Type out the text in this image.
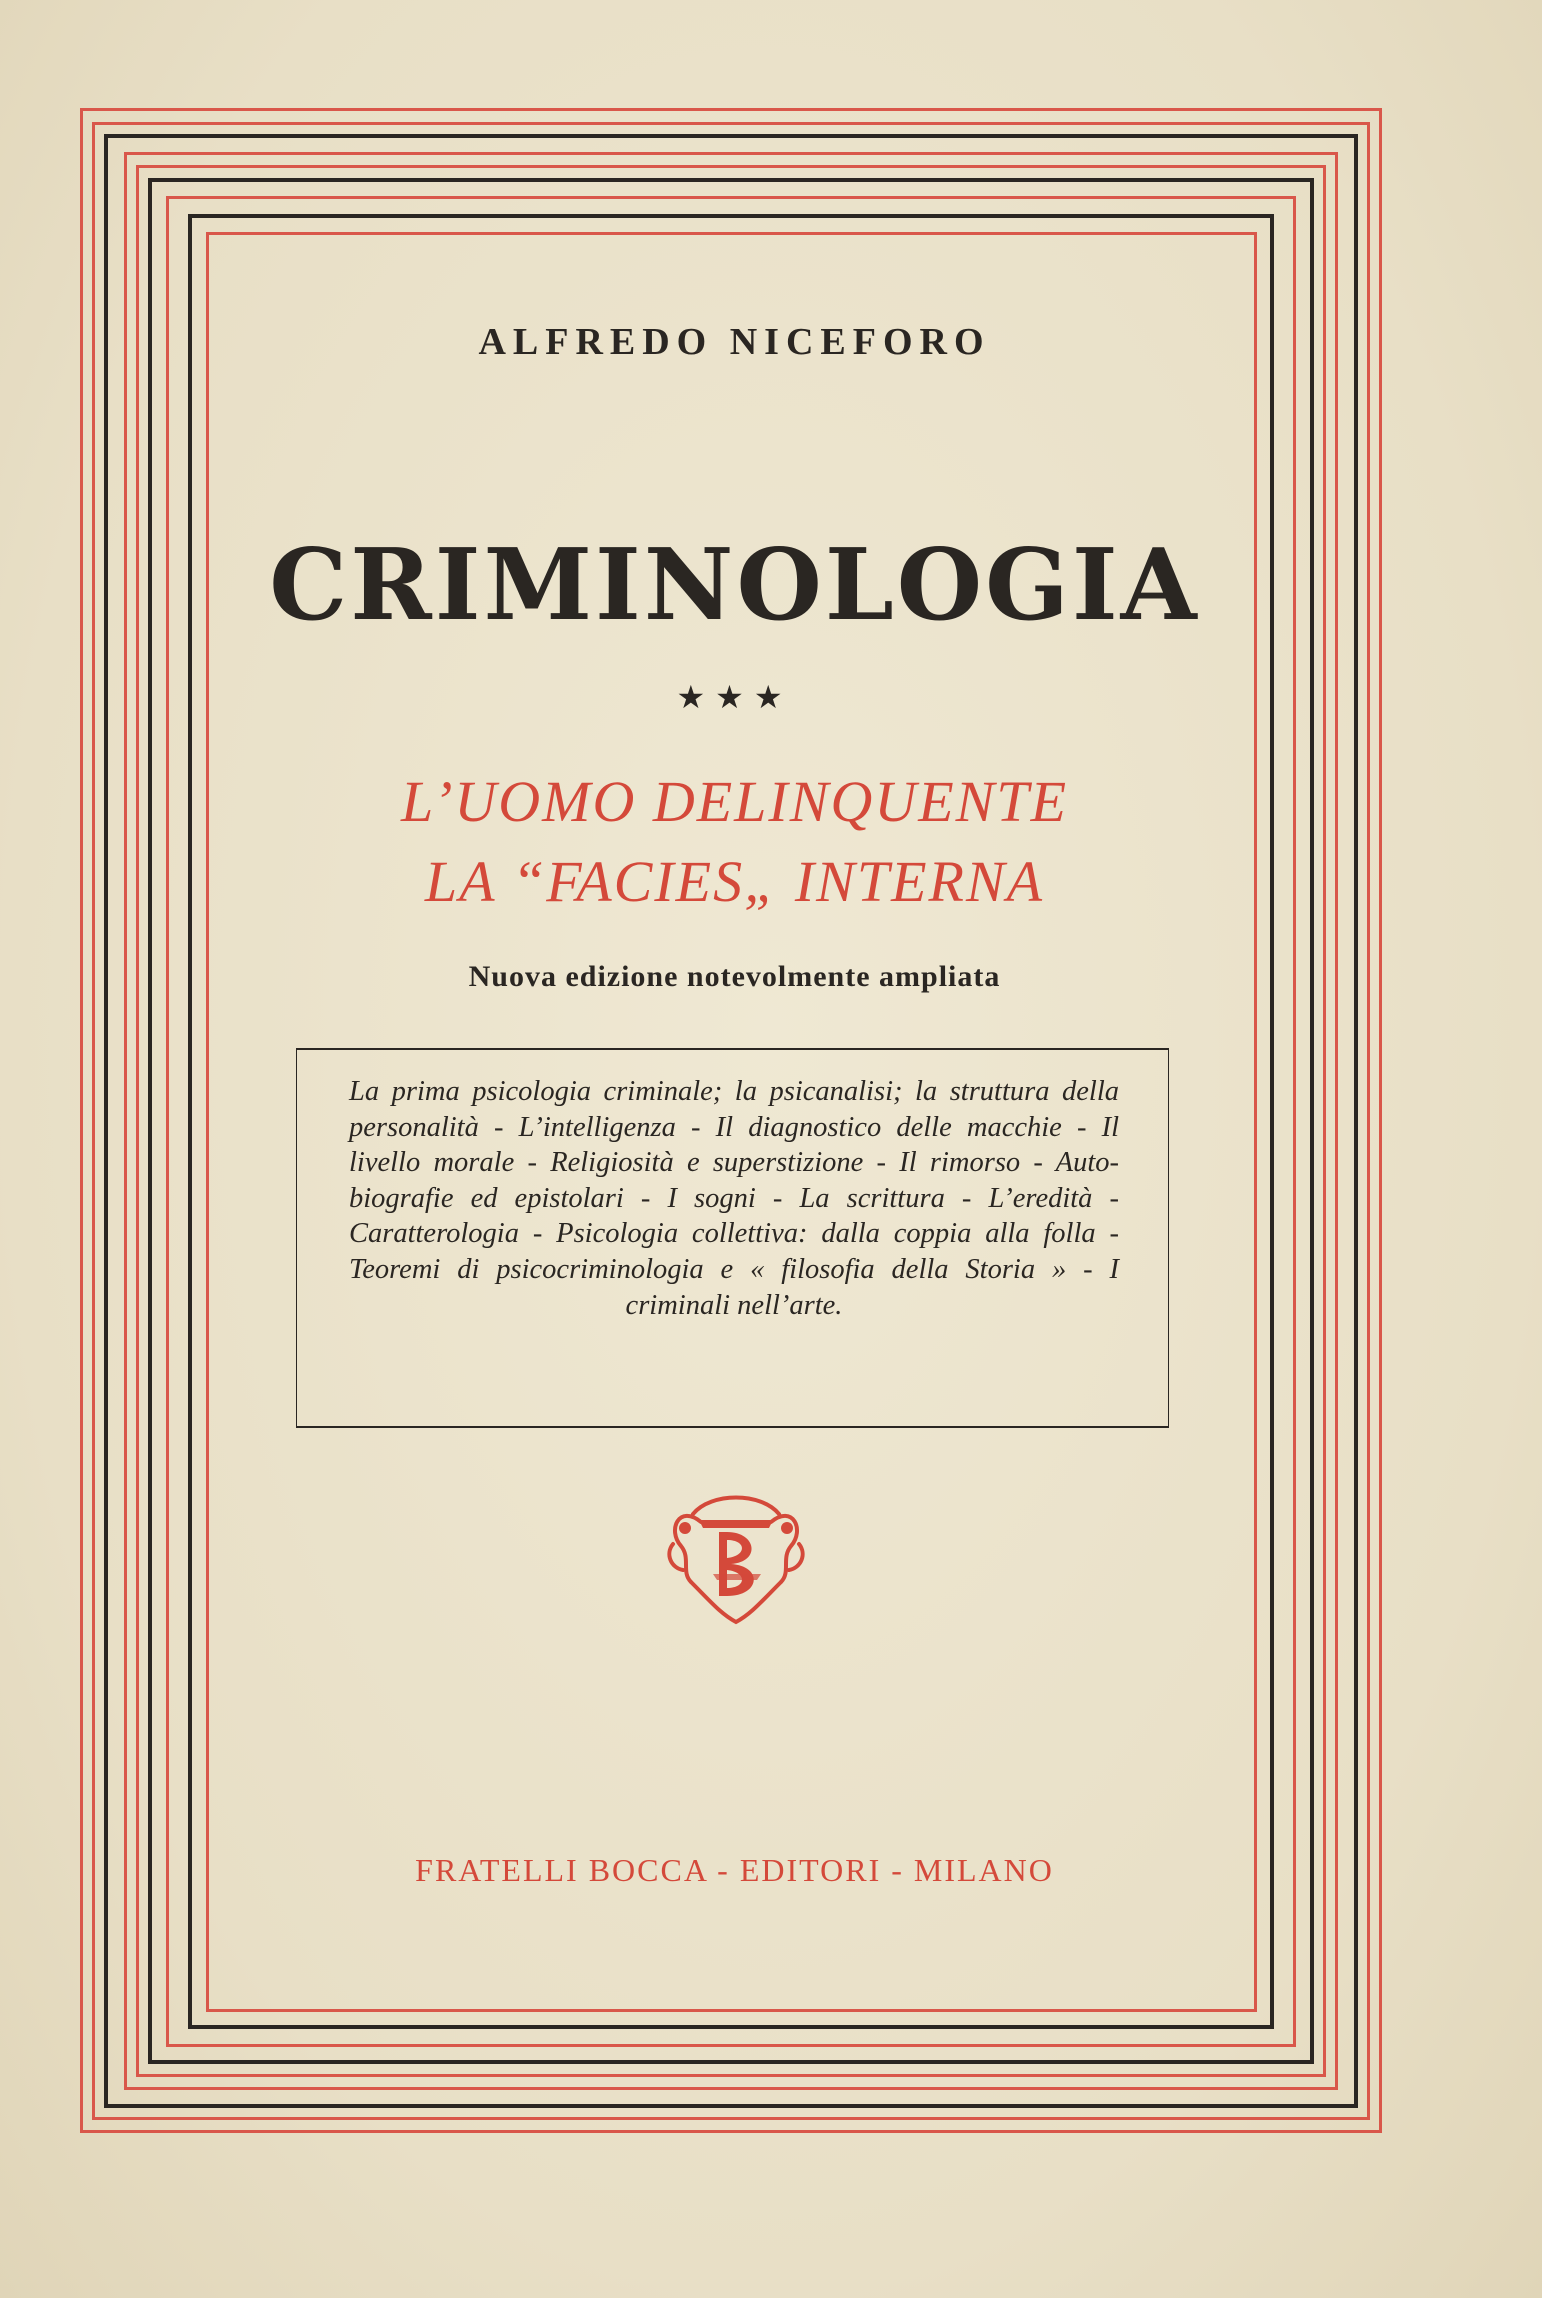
ALFREDO NICEFORO
CRIMINOLOGIA
★★★
L’UOMO DELINQUENTE
LA “FACIES„ INTERNA
Nuova edizione notevolmente ampliata
La prima psicologia criminale; la psicanalisi; la struttura della personalità - L’intelligenza - Il diagnostico delle macchie - Il livello morale - Religiosità e superstizione - Il rimorso - Autobiografie ed epistolari - I sogni - La scrittura - L’eredità - Caratterologia - Psicologia collettiva: dalla coppia alla folla - Teoremi di psicocriminologia e « filosofia della Storia » - I criminali nell’arte.
FRATELLI BOCCA - EDITORI - MILANO
